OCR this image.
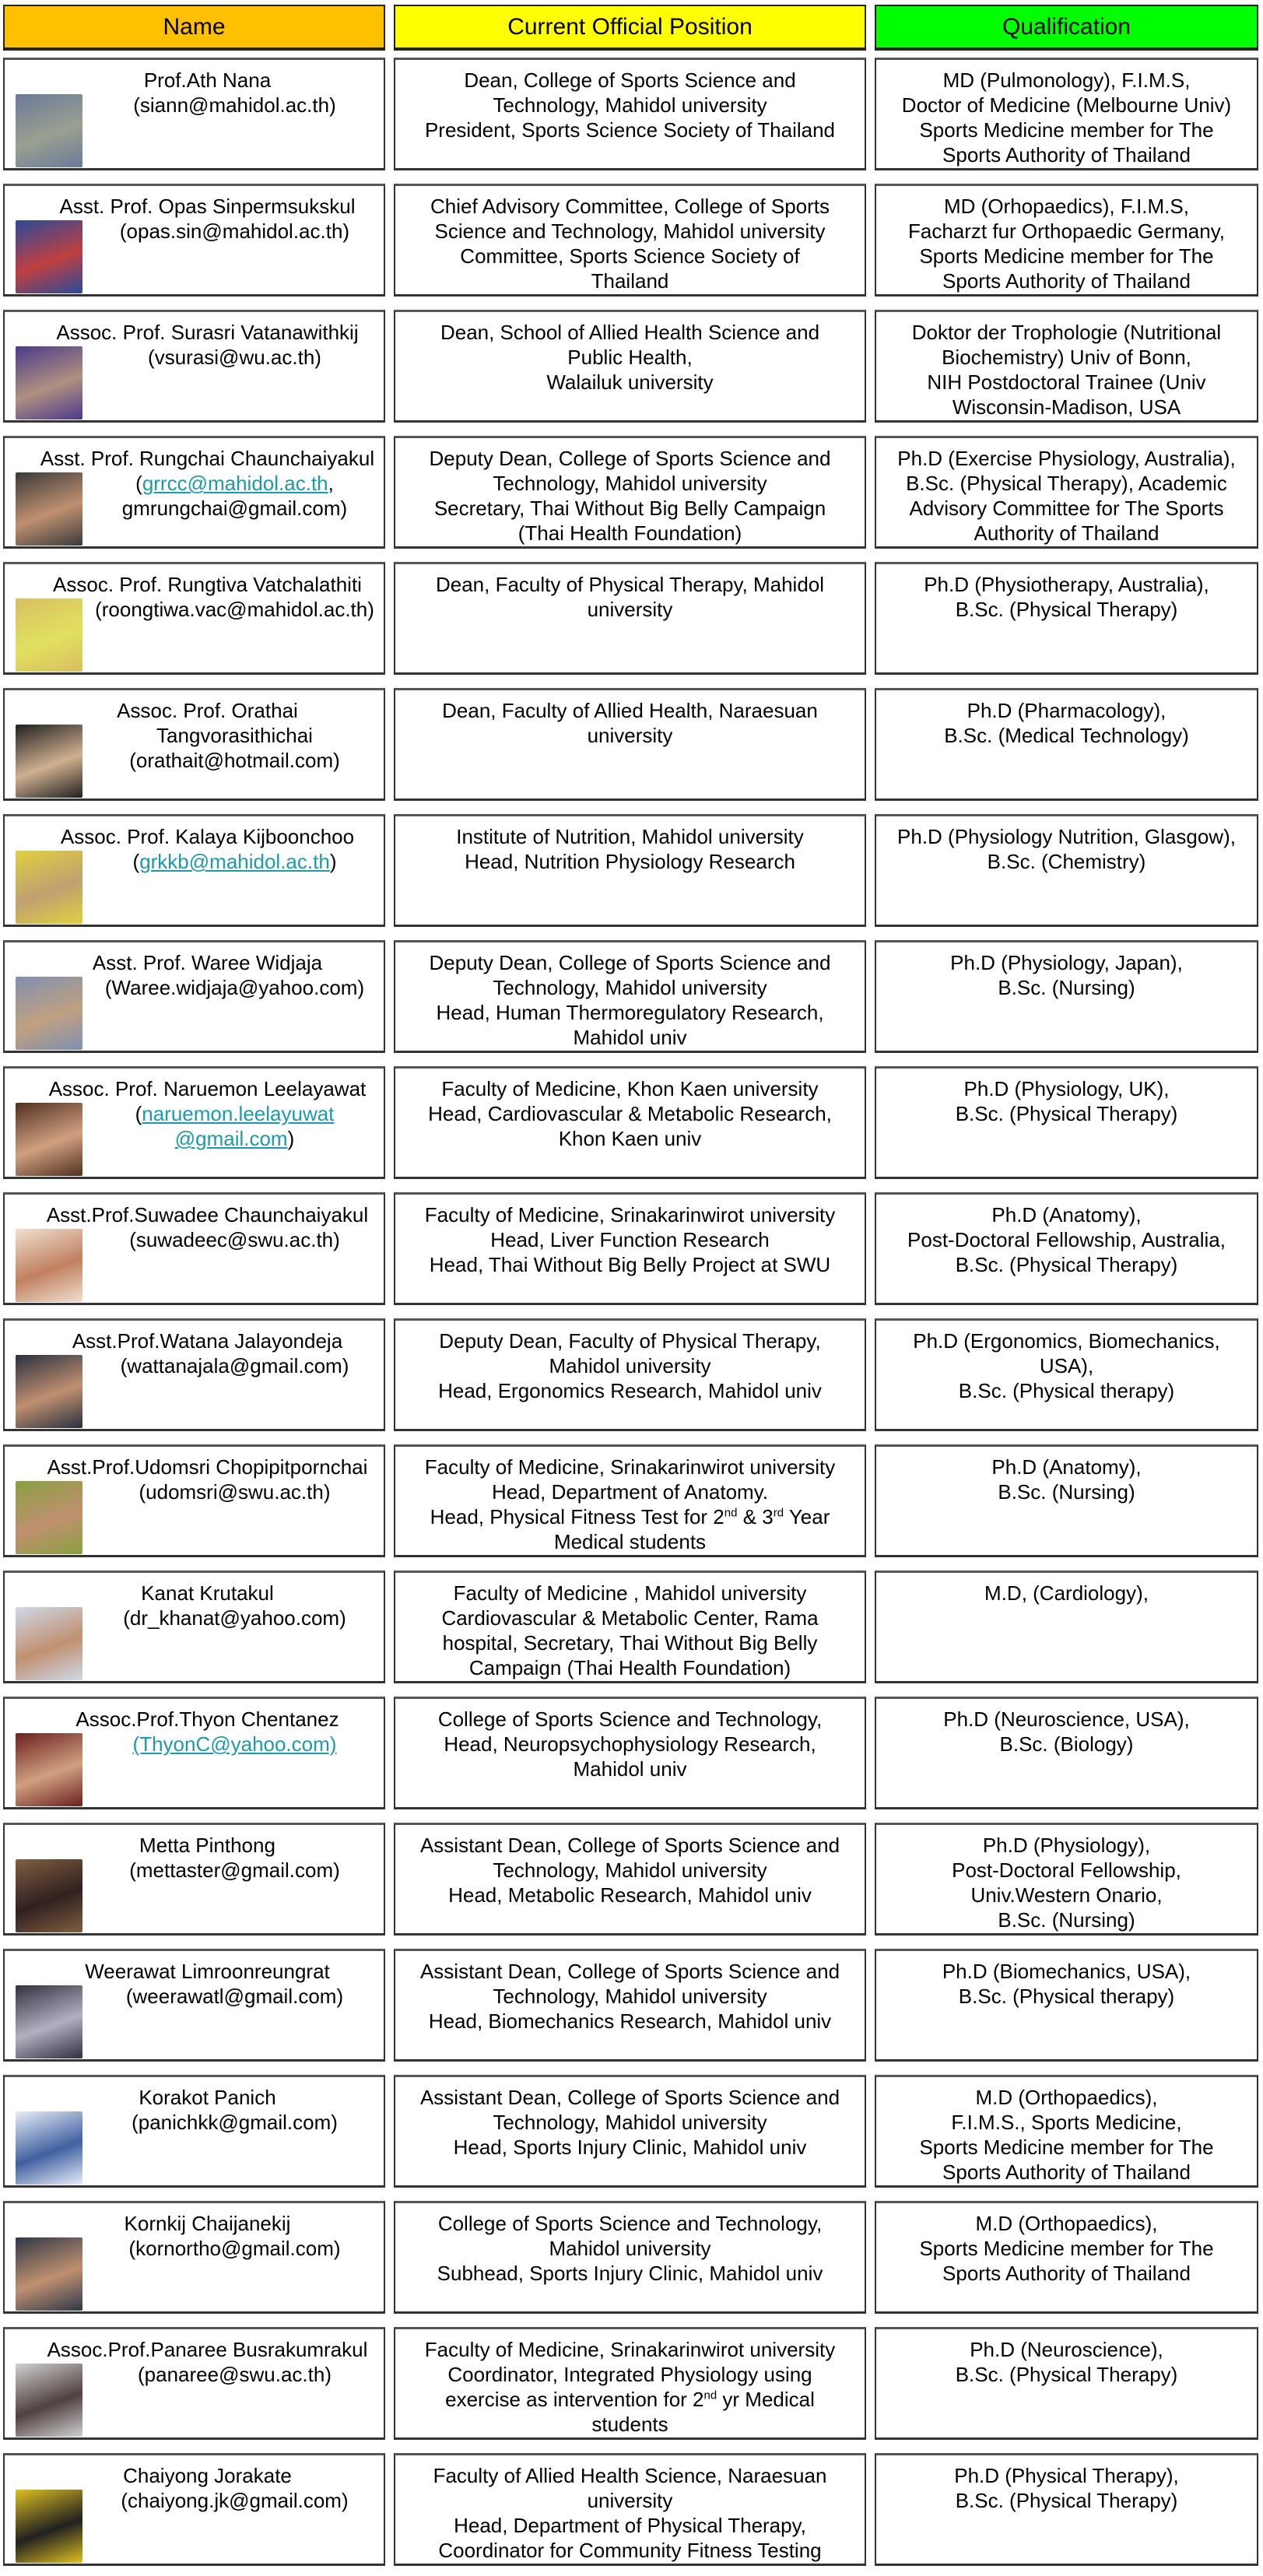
Name	Current Official Position	Qualification
Prof.Ath Nana
(siann@mahidol.ac.th)
Dean, College of Sports Science and
Technology, Mahidol university
President, Sports Science Society of Thailand
MD (Pulmonology), F.I.M.S,
Doctor of Medicine (Melbourne Univ)
Sports Medicine member for The
Sports Authority of Thailand
Asst. Prof. Opas Sinpermsukskul
(opas.sin@mahidol.ac.th)
Chief Advisory Committee, College of Sports
Science and Technology, Mahidol university
Committee, Sports Science Society of
Thailand
MD (Orhopaedics), F.I.M.S,
Facharzt fur Orthopaedic Germany,
Sports Medicine member for The
Sports Authority of Thailand
Assoc. Prof. Surasri Vatanawithkij
(vsurasi@wu.ac.th)
Dean, School of Allied Health Science and
Public Health,
Walailuk university
Doktor der Trophologie (Nutritional
Biochemistry) Univ of Bonn,
NIH Postdoctoral Trainee (Univ
Wisconsin-Madison, USA
Asst. Prof. Rungchai Chaunchaiyakul
(grrcc@mahidol.ac.th,
gmrungchai@gmail.com)
Deputy Dean, College of Sports Science and
Technology, Mahidol university
Secretary, Thai Without Big Belly Campaign
(Thai Health Foundation)
Ph.D (Exercise Physiology, Australia),
B.Sc. (Physical Therapy), Academic
Advisory Committee for The Sports
Authority of Thailand
Assoc. Prof. Rungtiva Vatchalathiti
(roongtiwa.vac@mahidol.ac.th)
Dean, Faculty of Physical Therapy, Mahidol
university
Ph.D (Physiotherapy, Australia),
B.Sc. (Physical Therapy)
Assoc. Prof. Orathai
Tangvorasithichai
(orathait@hotmail.com)
Dean, Faculty of Allied Health, Naraesuan
university
Ph.D (Pharmacology),
B.Sc. (Medical Technology)
Assoc. Prof. Kalaya Kijboonchoo
(grkkb@mahidol.ac.th)
Institute of Nutrition, Mahidol university
Head, Nutrition Physiology Research
Ph.D (Physiology Nutrition, Glasgow),
B.Sc. (Chemistry)
Asst. Prof. Waree Widjaja
(Waree.widjaja@yahoo.com)
Deputy Dean, College of Sports Science and
Technology, Mahidol university
Head, Human Thermoregulatory Research,
Mahidol univ
Ph.D (Physiology, Japan),
B.Sc. (Nursing)
Assoc. Prof. Naruemon Leelayawat
(naruemon.leelayuwat
@gmail.com)
Faculty of Medicine, Khon Kaen university
Head, Cardiovascular & Metabolic Research,
Khon Kaen univ
Ph.D (Physiology, UK),
B.Sc. (Physical Therapy)
Asst.Prof.Suwadee Chaunchaiyakul
(suwadeec@swu.ac.th)
Faculty of Medicine, Srinakarinwirot university
Head, Liver Function Research
Head, Thai Without Big Belly Project at SWU
Ph.D (Anatomy),
Post-Doctoral Fellowship, Australia,
B.Sc. (Physical Therapy)
Asst.Prof.Watana Jalayondeja
(wattanajala@gmail.com)
Deputy Dean, Faculty of Physical Therapy,
Mahidol university
Head, Ergonomics Research, Mahidol univ
Ph.D (Ergonomics, Biomechanics,
USA),
B.Sc. (Physical therapy)
Asst.Prof.Udomsri Chopipitpornchai
(udomsri@swu.ac.th)
Faculty of Medicine, Srinakarinwirot university
Head, Department of Anatomy.
Head, Physical Fitness Test for 2nd & 3rd Year
Medical students
Ph.D (Anatomy),
B.Sc. (Nursing)
Kanat Krutakul
(dr_khanat@yahoo.com)
Faculty of Medicine , Mahidol university
Cardiovascular & Metabolic Center, Rama
hospital, Secretary, Thai Without Big Belly
Campaign (Thai Health Foundation)
M.D, (Cardiology),
Assoc.Prof.Thyon Chentanez
(ThyonC@yahoo.com)
College of Sports Science and Technology,
Head, Neuropsychophysiology Research,
Mahidol univ
Ph.D (Neuroscience, USA),
B.Sc. (Biology)
Metta Pinthong
(mettaster@gmail.com)
Assistant Dean, College of Sports Science and
Technology, Mahidol university
Head, Metabolic Research, Mahidol univ
Ph.D (Physiology),
Post-Doctoral Fellowship,
Univ.Western Onario,
B.Sc. (Nursing)
Weerawat Limroonreungrat
(weerawatl@gmail.com)
Assistant Dean, College of Sports Science and
Technology, Mahidol university
Head, Biomechanics Research, Mahidol univ
Ph.D (Biomechanics, USA),
B.Sc. (Physical therapy)
Korakot Panich
(panichkk@gmail.com)
Assistant Dean, College of Sports Science and
Technology, Mahidol university
Head, Sports Injury Clinic, Mahidol univ
M.D (Orthopaedics),
F.I.M.S., Sports Medicine,
Sports Medicine member for The
Sports Authority of Thailand
Kornkij Chaijanekij
(kornortho@gmail.com)
College of Sports Science and Technology,
Mahidol university
Subhead, Sports Injury Clinic, Mahidol univ
M.D (Orthopaedics),
Sports Medicine member for The
Sports Authority of Thailand
Assoc.Prof.Panaree Busrakumrakul
(panaree@swu.ac.th)
Faculty of Medicine, Srinakarinwirot university
Coordinator, Integrated Physiology using
exercise as intervention for 2nd yr Medical
students
Ph.D (Neuroscience),
B.Sc. (Physical Therapy)
Chaiyong Jorakate
(chaiyong.jk@gmail.com)
Faculty of Allied Health Science, Naraesuan
university
Head, Department of Physical Therapy,
Coordinator for Community Fitness Testing
Ph.D (Physical Therapy),
B.Sc. (Physical Therapy)
